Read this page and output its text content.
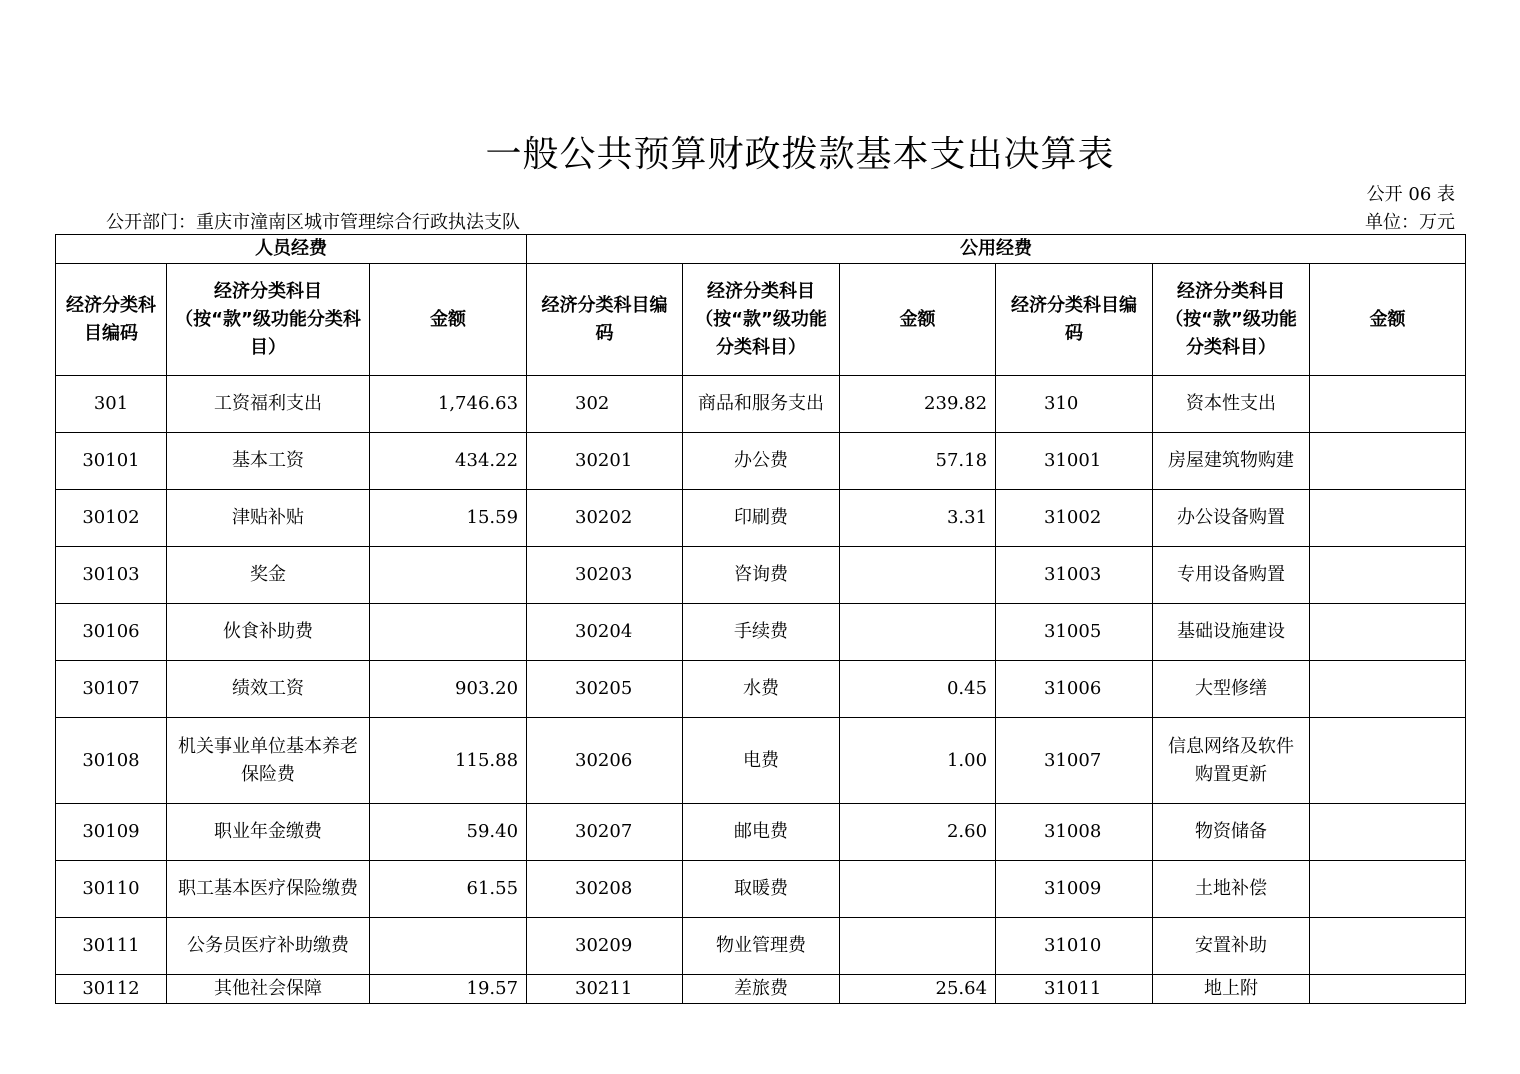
一般公共预算财政拨款基本支出决算表
公开 06 表
公开部门：重庆市潼南区城市管理综合行政执法支队	单位：万元
人员经费			公用经费					
经济分类科目编码	经济分类科目（按“款”级功能分类科目）	金额	经济分类科目编码	经济分类科目（按“款”级功能分类科目）	金额	经济分类科目编码	经济分类科目（按“款”级功能分类科目）	金额
301	工资福利支出	1,746.63	302	商品和服务支出	239.82	310	资本性支出	
30101	基本工资	434.22	30201	办公费	57.18	31001	房屋建筑物购建	
30102	津贴补贴	15.59	30202	印刷费	3.31	31002	办公设备购置	
30103	奖金		30203	咨询费		31003	专用设备购置	
30106	伙食补助费		30204	手续费		31005	基础设施建设	
30107	绩效工资	903.20	30205	水费	0.45	31006	大型修缮	
30108	机关事业单位基本养老保险费	115.88	30206	电费	1.00	31007	信息网络及软件购置更新	
30109	职业年金缴费	59.40	30207	邮电费	2.60	31008	物资储备	
30110	职工基本医疗保险缴费	61.55	30208	取暖费		31009	土地补偿	
30111	公务员医疗补助缴费		30209	物业管理费		31010	安置补助	
30112	其他社会保障	19.57	30211	差旅费	25.64	31011	地上附	
